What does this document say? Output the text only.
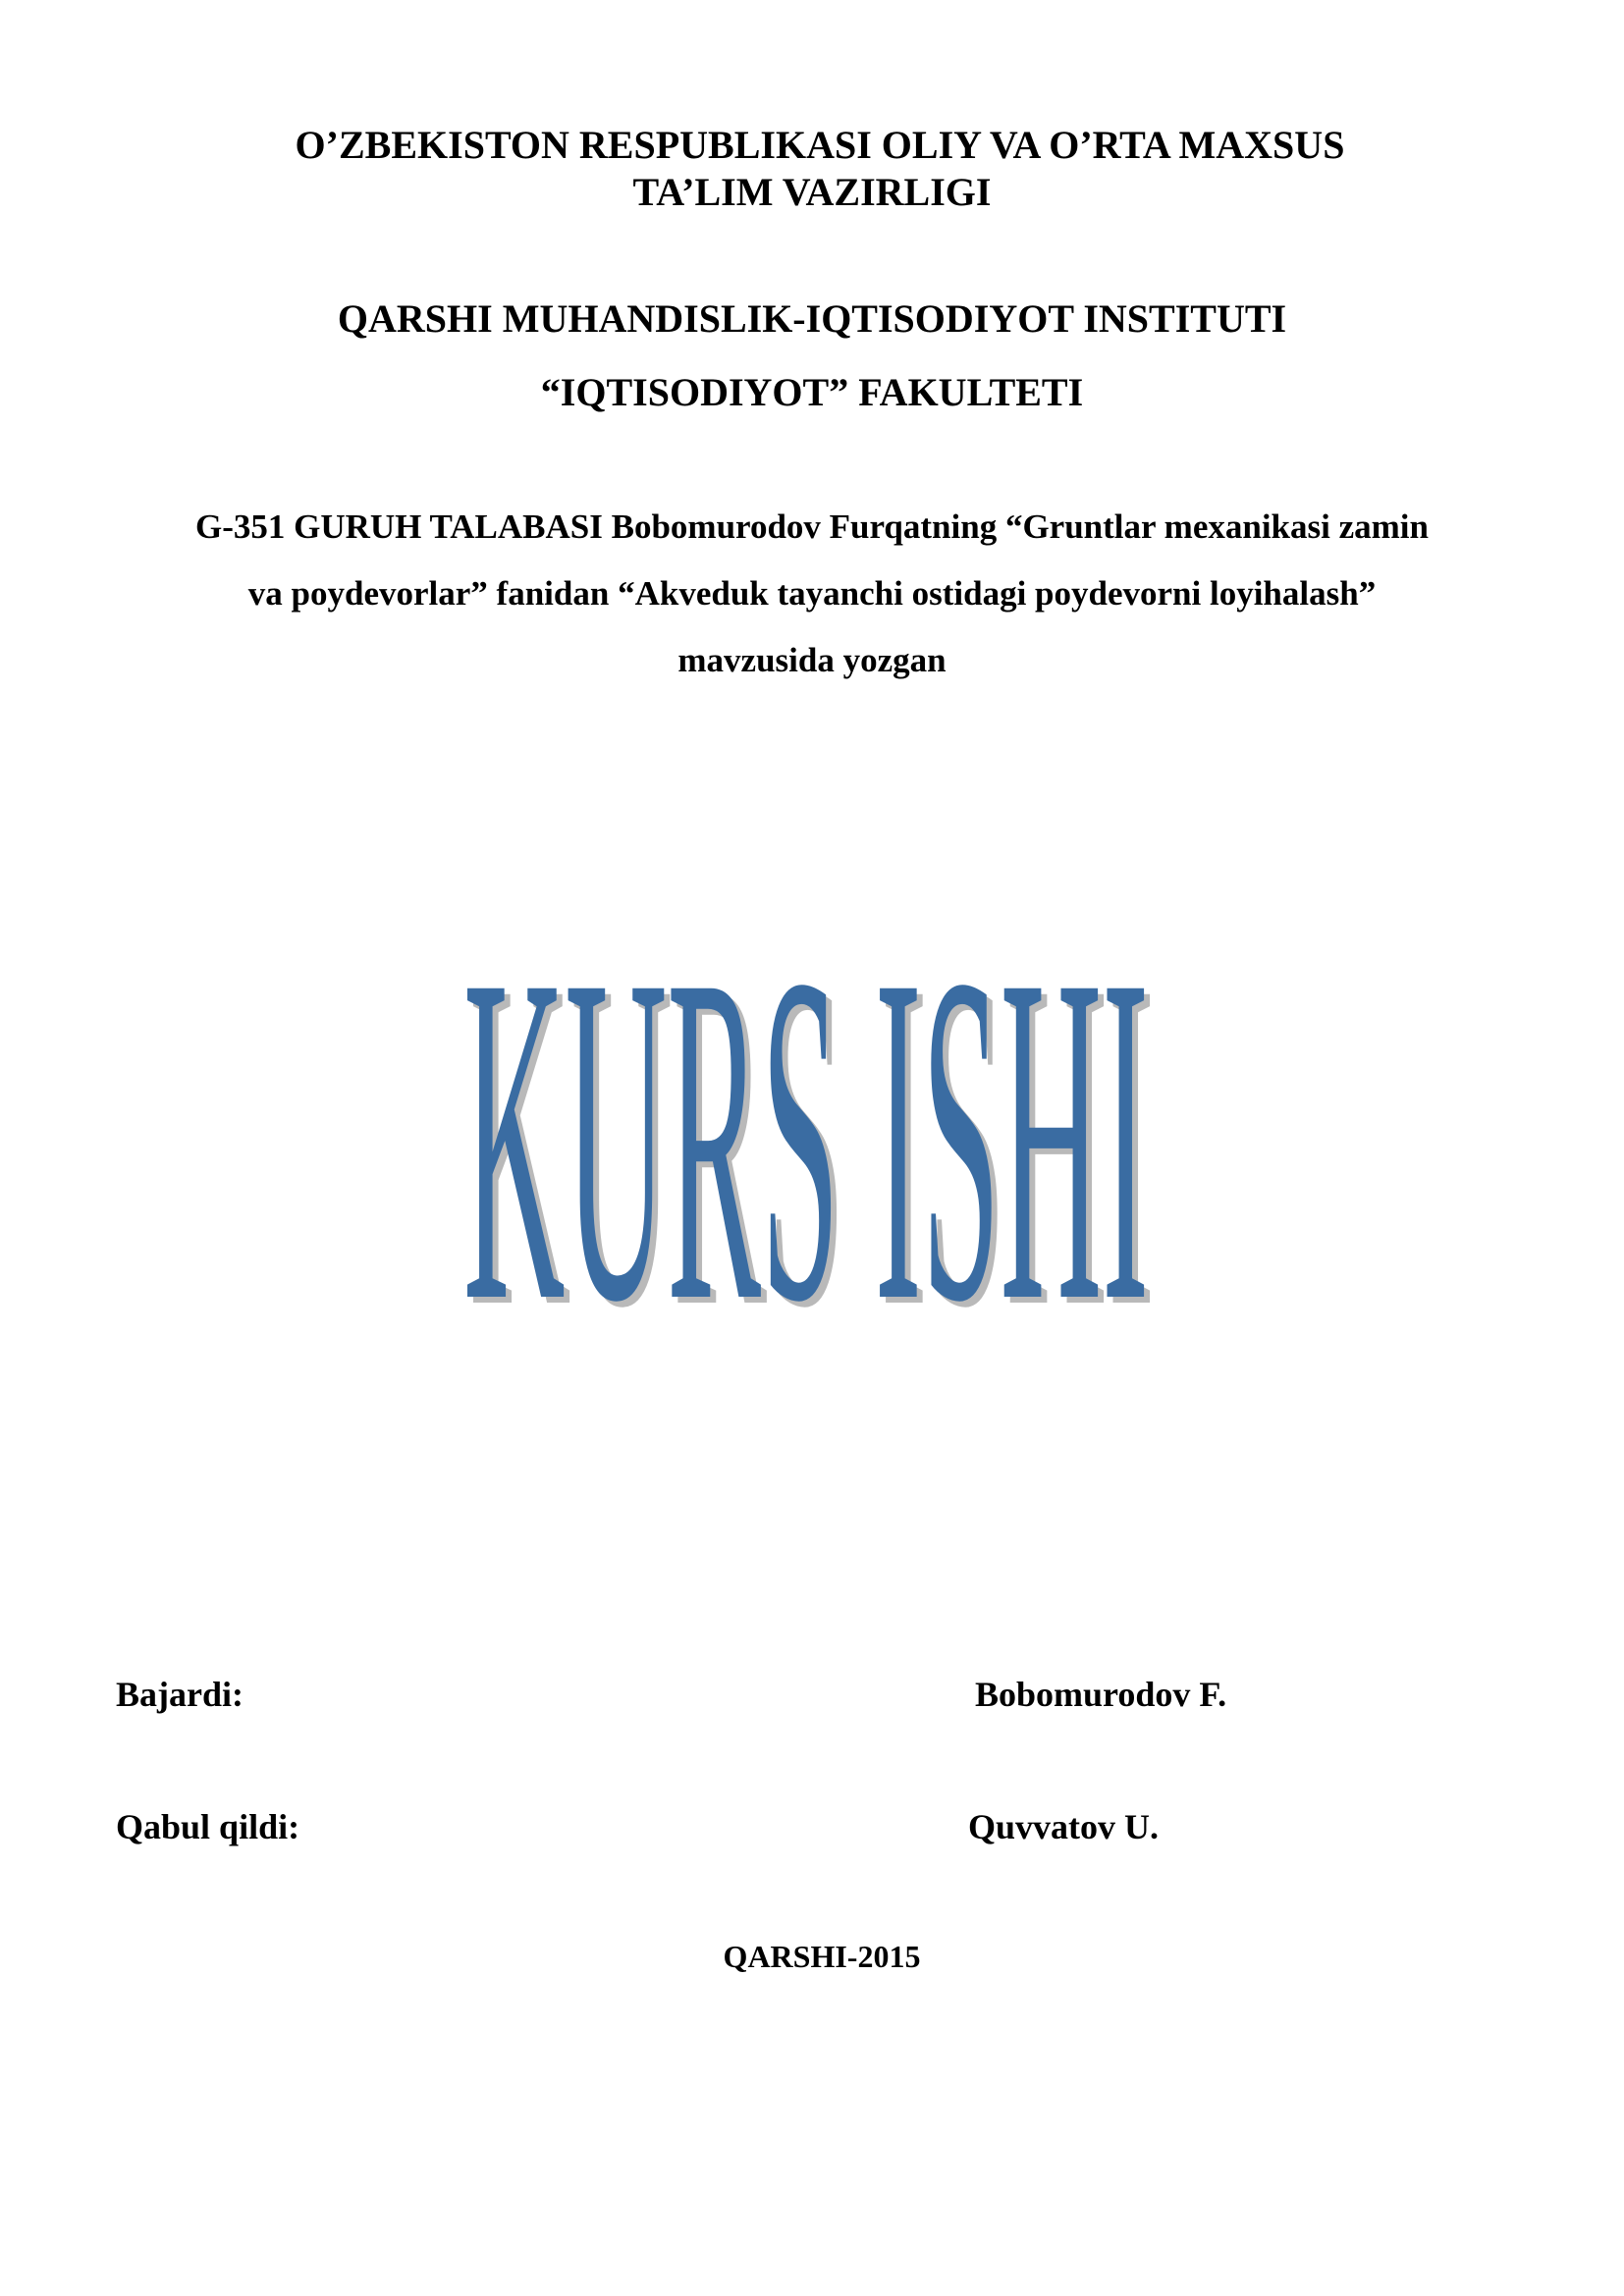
O’ZBEKISTON RESPUBLIKASI OLIY VA O’RTA MAXSUS

TA’LIM VAZIRLIGI

QARSHI MUHANDISLIK-IQTISODIYOT INSTITUTI

“IQTISODIYOT” FAKULTETI

G-351 GURUH TALABASI Bobomurodov Furqatning “Gruntlar mexanikasi zamin

va poydevorlar” fanidan “Akveduk tayanchi ostidagi poydevorni loyihalash”

mavzusida yozgan

KURS ISHI
KURS ISHI

Bajardi:	Bobomurodov F.

Qabul qildi:	Quvvatov U.

QARSHI-2015
